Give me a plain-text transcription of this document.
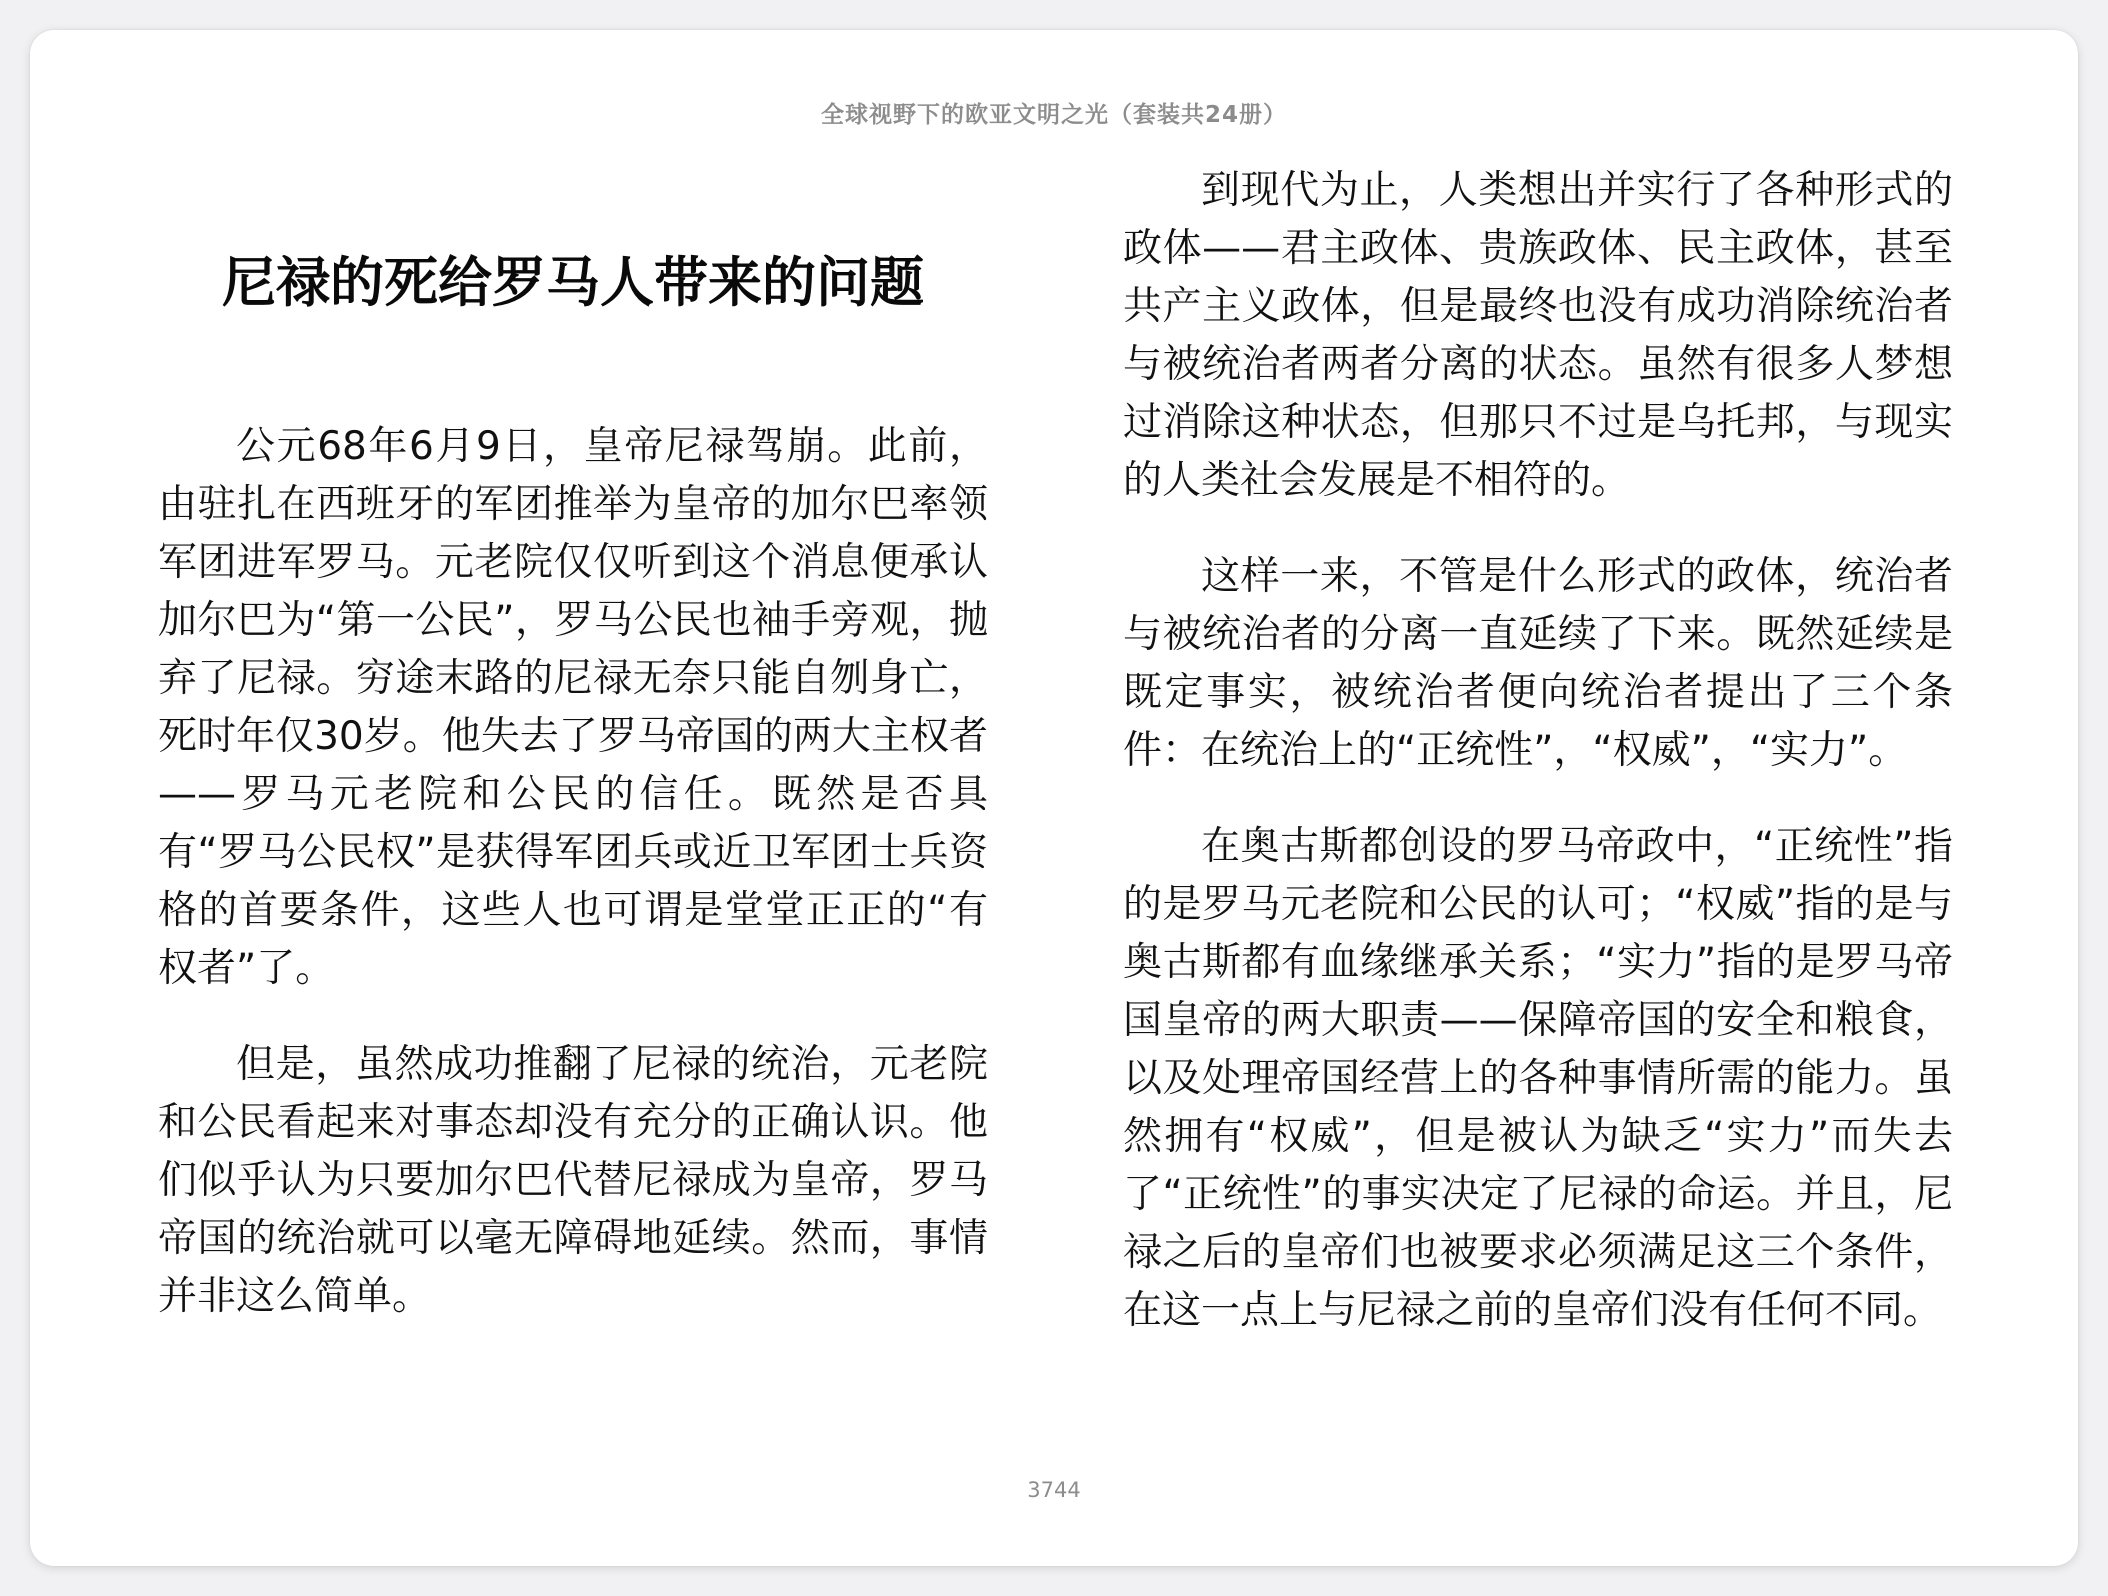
全球视野下的欧亚文明之光（套装共24册）
尼禄的死给罗马人带来的问题

公元68年6月9日，皇帝尼禄驾崩。此前，由驻扎在西班牙的军团推举为皇帝的加尔巴率领军团进军罗马。元老院仅仅听到这个消息便承认加尔巴为“第一公民”，罗马公民也袖手旁观，抛弃了尼禄。穷途末路的尼禄无奈只能自刎身亡，死时年仅30岁。他失去了罗马帝国的两大主权者——罗马元老院和公民的信任。既然是否具有“罗马公民权”是获得军团兵或近卫军团士兵资格的首要条件，这些人也可谓是堂堂正正的“有权者”了。

但是，虽然成功推翻了尼禄的统治，元老院和公民看起来对事态却没有充分的正确认识。他们似乎认为只要加尔巴代替尼禄成为皇帝，罗马帝国的统治就可以毫无障碍地延续。然而，事情并非这么简单。

到现代为止，人类想出并实行了各种形式的政体——君主政体、贵族政体、民主政体，甚至共产主义政体，但是最终也没有成功消除统治者与被统治者两者分离的状态。虽然有很多人梦想过消除这种状态，但那只不过是乌托邦，与现实的人类社会发展是不相符的。

这样一来，不管是什么形式的政体，统治者与被统治者的分离一直延续了下来。既然延续是既定事实，被统治者便向统治者提出了三个条件：在统治上的“正统性”，“权威”，“实力”。

在奥古斯都创设的罗马帝政中，“正统性”指的是罗马元老院和公民的认可；“权威”指的是与奥古斯都有血缘继承关系；“实力”指的是罗马帝国皇帝的两大职责——保障帝国的安全和粮食，以及处理帝国经营上的各种事情所需的能力。虽然拥有“权威”，但是被认为缺乏“实力”而失去了“正统性”的事实决定了尼禄的命运。并且，尼禄之后的皇帝们也被要求必须满足这三个条件，在这一点上与尼禄之前的皇帝们没有任何不同。

3744
